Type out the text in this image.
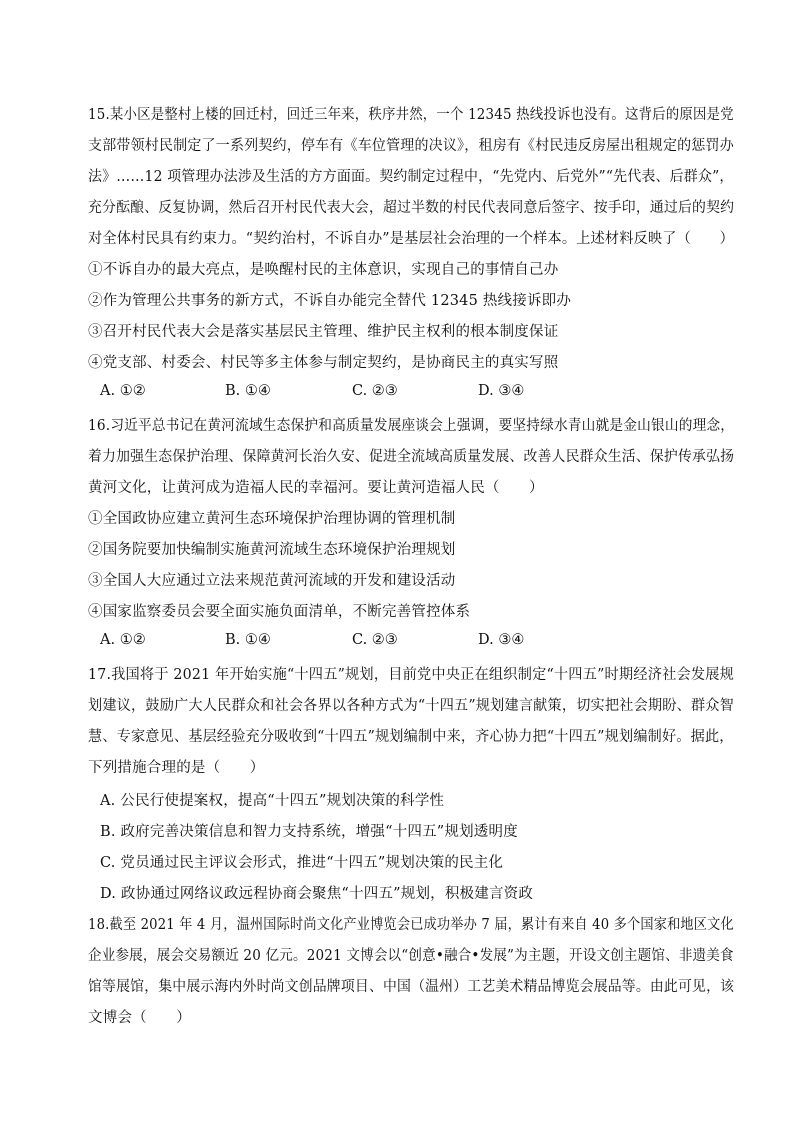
15.某小区是整村上楼的回迁村，回迁三年来，秩序井然，一个 12345 热线投诉也没有。这背后的原因是党
支部带领村民制定了一系列契约，停车有《车位管理的决议》，租房有《村民违反房屋出租规定的惩罚办
法》……12 项管理办法涉及生活的方方面面。契约制定过程中，“先党内、后党外”“先代表、后群众”，
充分酝酿、反复协调，然后召开村民代表大会，超过半数的村民代表同意后签字、按手印，通过后的契约
对全体村民具有约束力。“契约治村，不诉自办”是基层社会治理的一个样本。上述材料反映了（　　）
①不诉自办的最大亮点，是唤醒村民的主体意识，实现自己的事情自己办
②作为管理公共事务的新方式，不诉自办能完全替代 12345 热线接诉即办
③召开村民代表大会是落实基层民主管理、维护民主权利的根本制度保证
④党支部、村委会、村民等多主体参与制定契约，是协商民主的真实写照
A. ①②	B. ①④	C. ②③	D. ③④
16.习近平总书记在黄河流域生态保护和高质量发展座谈会上强调，要坚持绿水青山就是金山银山的理念，
着力加强生态保护治理、保障黄河长治久安、促进全流域高质量发展、改善人民群众生活、保护传承弘扬
黄河文化，让黄河成为造福人民的幸福河。要让黄河造福人民（　　）
①全国政协应建立黄河生态环境保护治理协调的管理机制
②国务院要加快编制实施黄河流域生态环境保护治理规划
③全国人大应通过立法来规范黄河流域的开发和建设活动
④国家监察委员会要全面实施负面清单，不断完善管控体系
A. ①②	B. ①④	C. ②③	D. ③④
17.我国将于 2021 年开始实施“十四五”规划，目前党中央正在组织制定“十四五”时期经济社会发展规
划建议，鼓励广大人民群众和社会各界以各种方式为“十四五”规划建言献策，切实把社会期盼、群众智
慧、专家意见、基层经验充分吸收到“十四五”规划编制中来，齐心协力把“十四五”规划编制好。据此，
下列措施合理的是（　　）
A. 公民行使提案权，提高“十四五”规划决策的科学性
B. 政府完善决策信息和智力支持系统，增强“十四五”规划透明度
C. 党员通过民主评议会形式，推进“十四五”规划决策的民主化
D. 政协通过网络议政远程协商会聚焦“十四五”规划，积极建言资政
18.截至 2021 年 4 月，温州国际时尚文化产业博览会已成功举办 7 届，累计有来自 40 多个国家和地区文化
企业参展，展会交易额近 20 亿元。2021 文博会以“创意•融合•发展”为主题，开设文创主题馆、非遗美食
馆等展馆，集中展示海内外时尚文创品牌项目、中国（温州）工艺美术精品博览会展品等。由此可见，该
文博会（　　）
